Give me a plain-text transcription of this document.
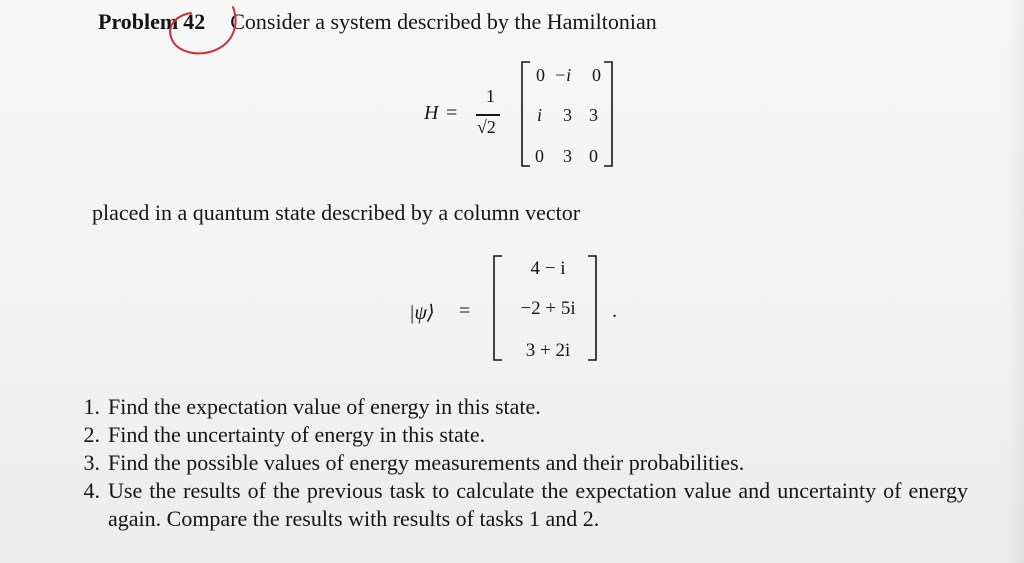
Problem 42 Consider a system described by the Hamiltonian
H =
1
√2
0 −i 0
i 3 3
0 3 0
placed in a quantum state described by a column vector
|ψ⟩ =
4 − i
−2 + 5i
3 + 2i
.
1. Find the expectation value of energy in this state.
2. Find the uncertainty of energy in this state.
3. Find the possible values of energy measurements and their probabilities.
4. Use the results of the previous task to calculate the expectation value and uncertainty of energy again. Compare the results with results of tasks 1 and 2.
